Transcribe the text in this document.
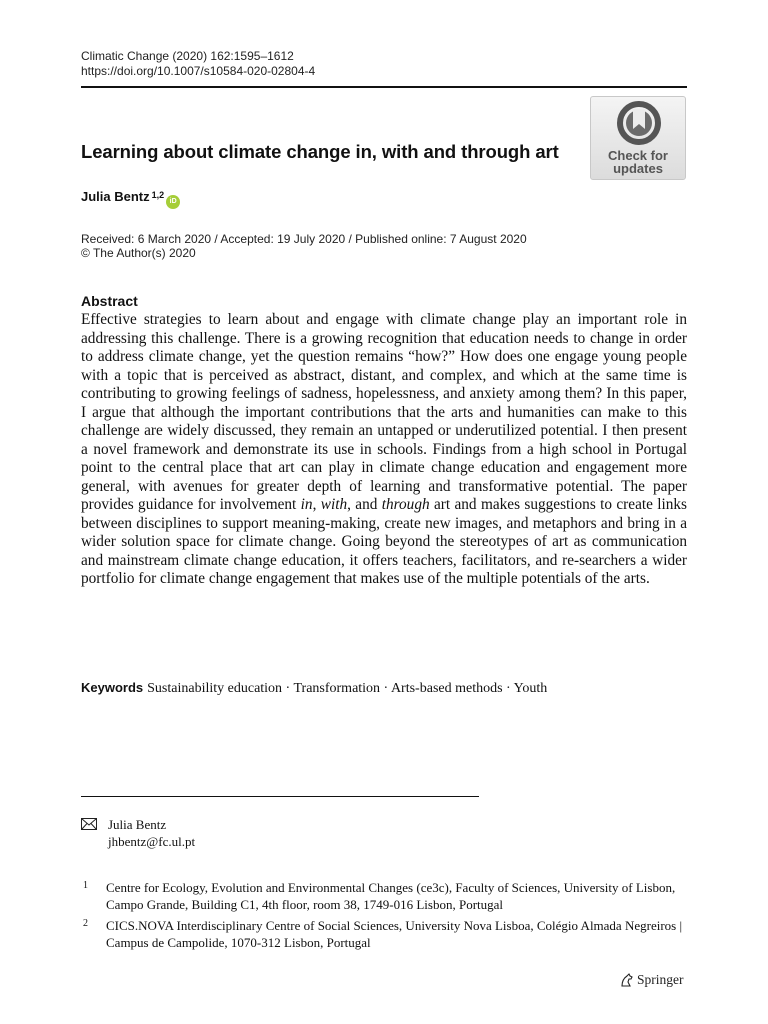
Climatic Change (2020) 162:1595–1612
https://doi.org/10.1007/s10584-020-02804-4
Check for
updates
Learning about climate change in, with and through art
Julia Bentz $^{1,2}$iD
Received: 6 March 2020 / Accepted: 19 July 2020 / Published online: 7 August 2020
© The Author(s) 2020
Abstract
Effective strategies to learn about and engage with climate change play an important role in addressing this challenge. There is a growing recognition that education needs to change in order to address climate change, yet the question remains “how?” How does one engage young people with a topic that is perceived as abstract, distant, and complex, and which at the same time is contributing to growing feelings of sadness, hopelessness, and anxiety among them? In this paper, I argue that although the important contributions that the arts and humanities can make to this challenge are widely discussed, they remain an untapped or underutilized potential. I then present a novel framework and demonstrate its use in schools. Findings from a high school in Portugal point to the central place that art can play in climate change education and engagement more general, with avenues for greater depth of learning and transformative potential. The paper provides guidance for involvement in, with, and through art and makes suggestions to create links between disciplines to support meaning-making, create new images, and metaphors and bring in a wider solution space for climate change. Going beyond the stereotypes of art as communication and mainstream climate change education, it offers teachers, facilitators, and re-searchers a wider portfolio for climate change engagement that makes use of the multiple potentials of the arts.
Keywords Sustainability education · Transformation · Arts-based methods · Youth
Julia Bentz
jhbentz@fc.ul.pt
1 Centre for Ecology, Evolution and Environmental Changes (ce3c), Faculty of Sciences, University of Lisbon, Campo Grande, Building C1, 4th floor, room 38, 1749-016 Lisbon, Portugal
2 CICS.NOVA Interdisciplinary Centre of Social Sciences, University Nova Lisboa, Colégio Almada Negreiros | Campus de Campolide, 1070-312 Lisbon, Portugal
Springer
